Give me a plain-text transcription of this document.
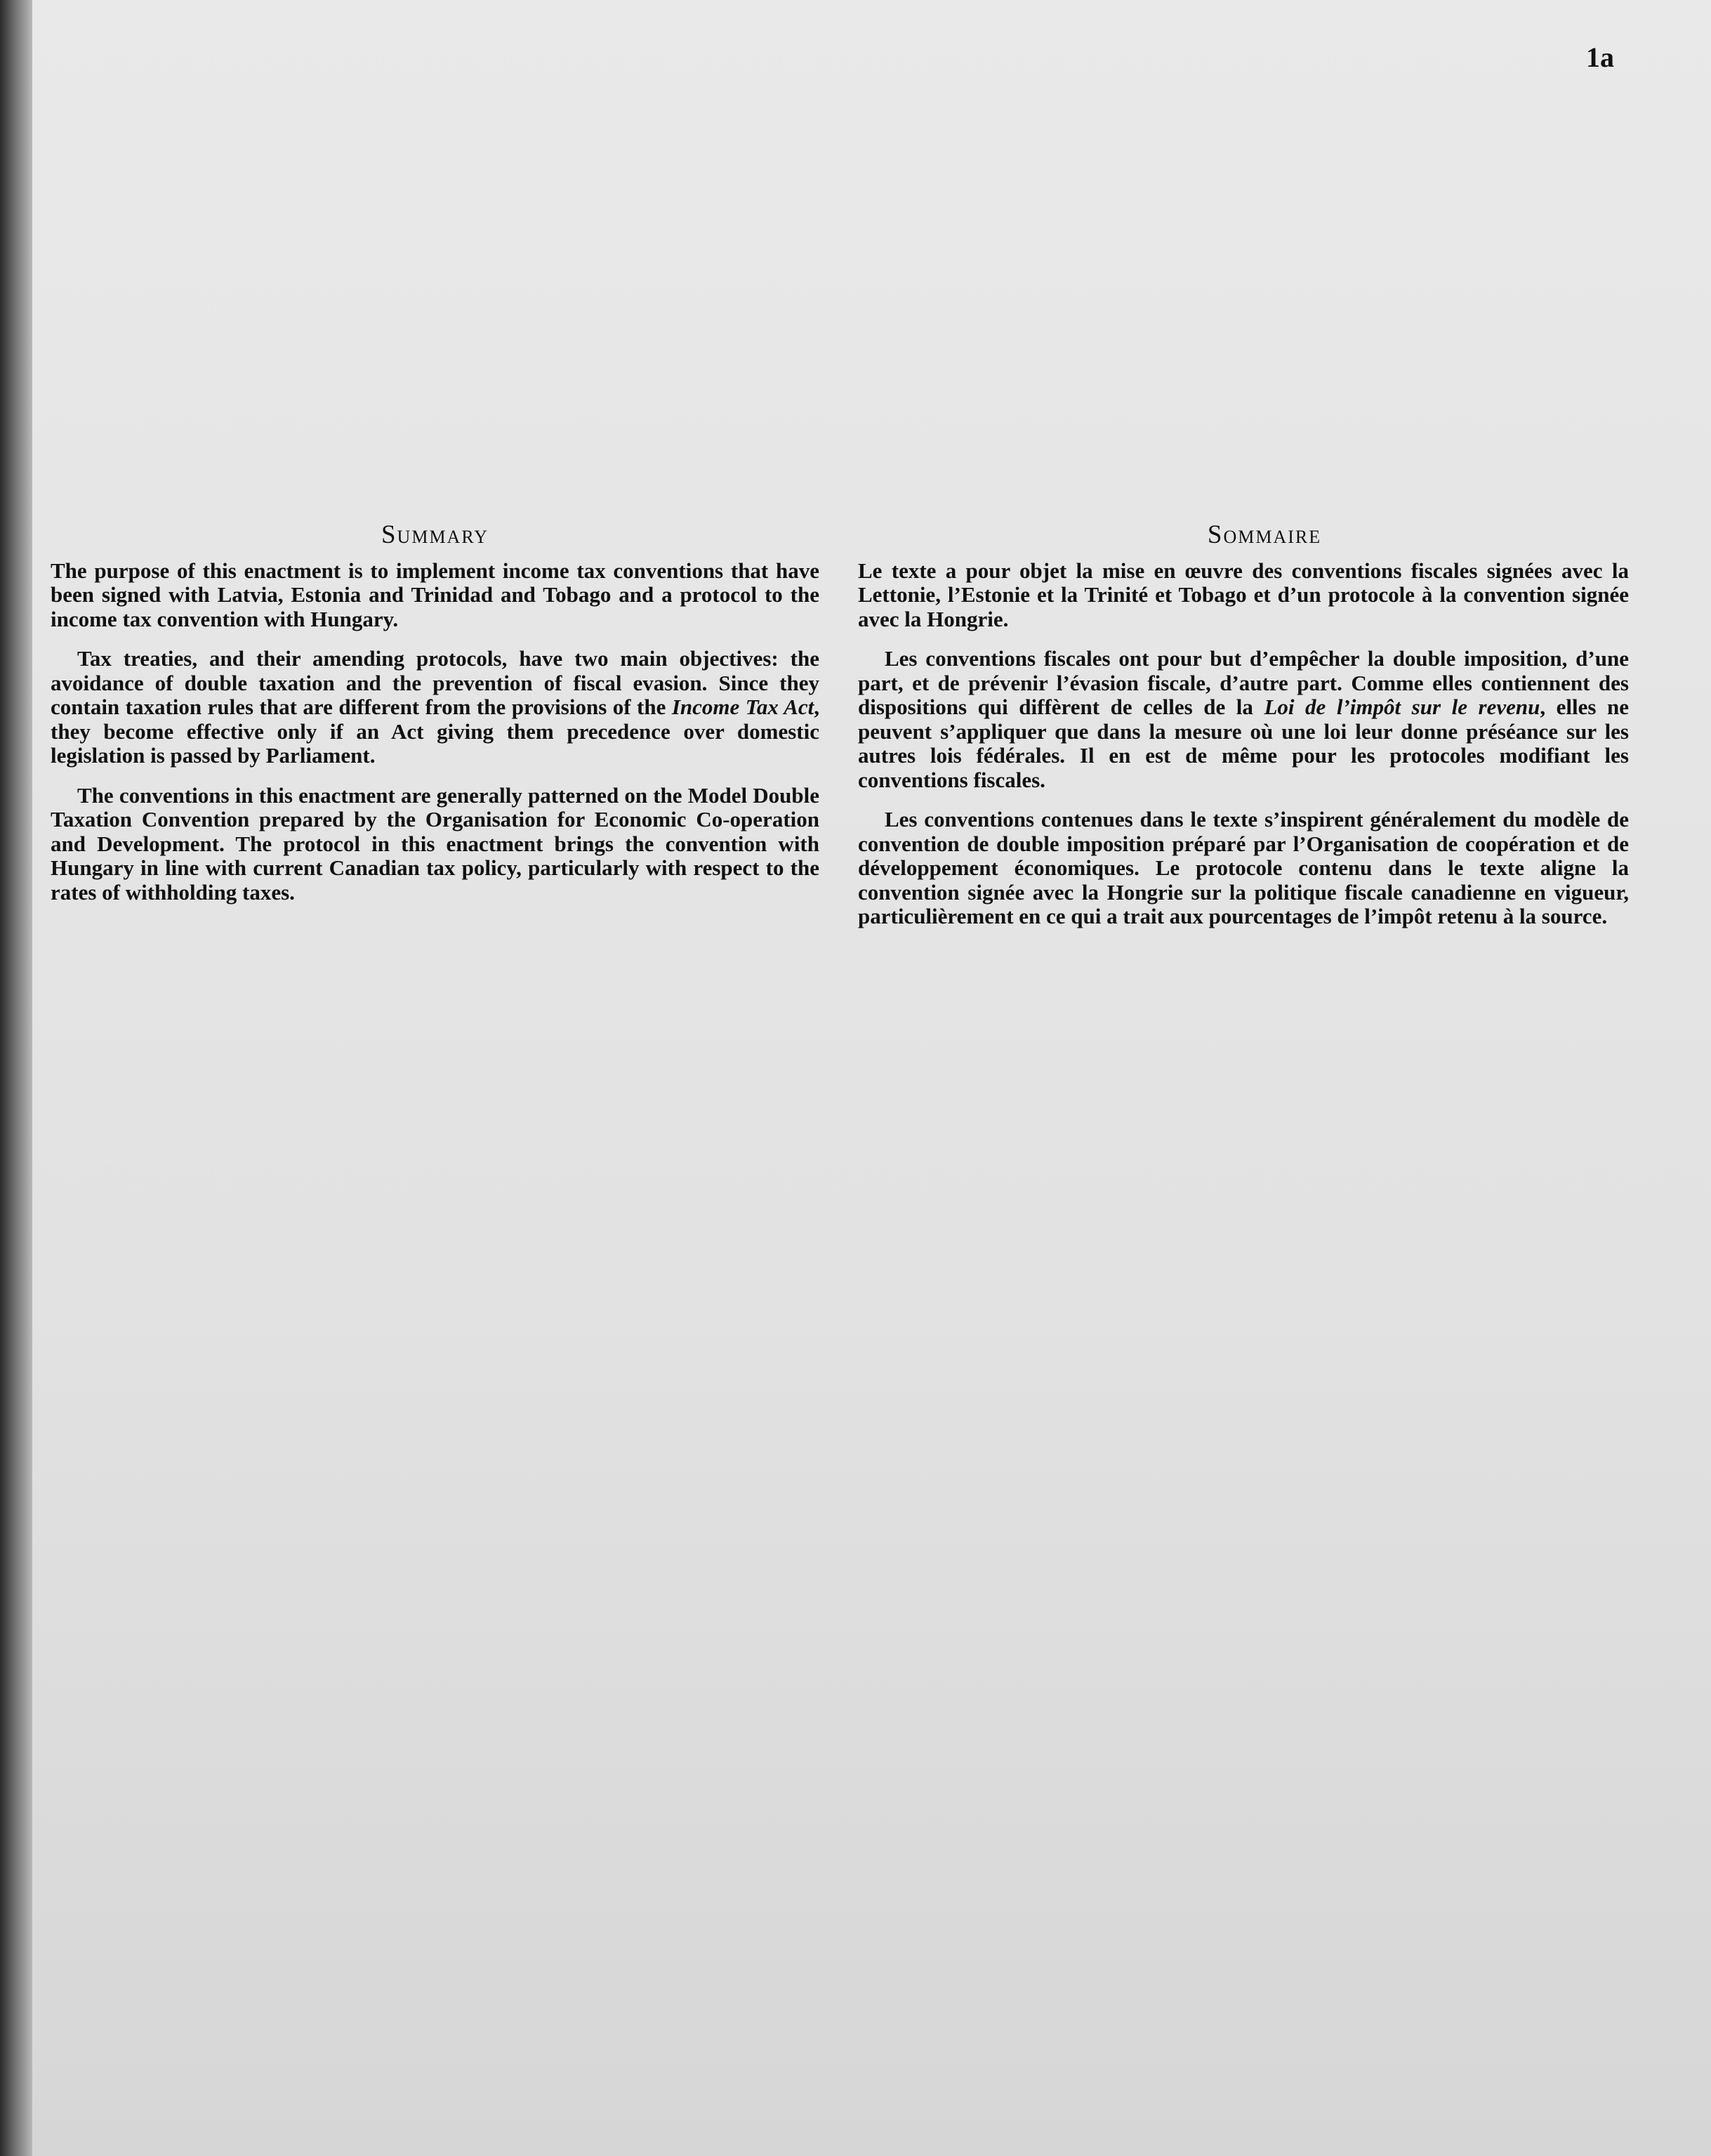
1a
Summary

The purpose of this enactment is to implement income tax conventions that have been signed with Latvia, Estonia and Trinidad and Tobago and a protocol to the income tax convention with Hungary.

Tax treaties, and their amending protocols, have two main objectives: the avoidance of double taxation and the prevention of fiscal evasion. Since they contain taxation rules that are different from the provisions of the Income Tax Act, they become effective only if an Act giving them precedence over domestic legislation is passed by Parliament.

The conventions in this enactment are generally patterned on the Model Double Taxation Convention prepared by the Organisation for Economic Co-operation and Development. The protocol in this enactment brings the convention with Hungary in line with current Canadian tax policy, particularly with respect to the rates of withholding taxes.

Sommaire

Le texte a pour objet la mise en œuvre des conventions fiscales signées avec la Lettonie, l’Estonie et la Trinité et Tobago et d’un protocole à la convention signée avec la Hongrie.

Les conventions fiscales ont pour but d’empêcher la double imposition, d’une part, et de prévenir l’évasion fiscale, d’autre part. Comme elles contiennent des dispositions qui diffèrent de celles de la Loi de l’impôt sur le revenu, elles ne peuvent s’appliquer que dans la mesure où une loi leur donne préséance sur les autres lois fédérales. Il en est de même pour les protocoles modifiant les conventions fiscales.

Les conventions contenues dans le texte s’inspirent généralement du modèle de convention de double imposition préparé par l’Organisation de coopération et de développement économiques. Le protocole contenu dans le texte aligne la convention signée avec la Hongrie sur la politique fiscale canadienne en vigueur, particulièrement en ce qui a trait aux pourcentages de l’impôt retenu à la source.
